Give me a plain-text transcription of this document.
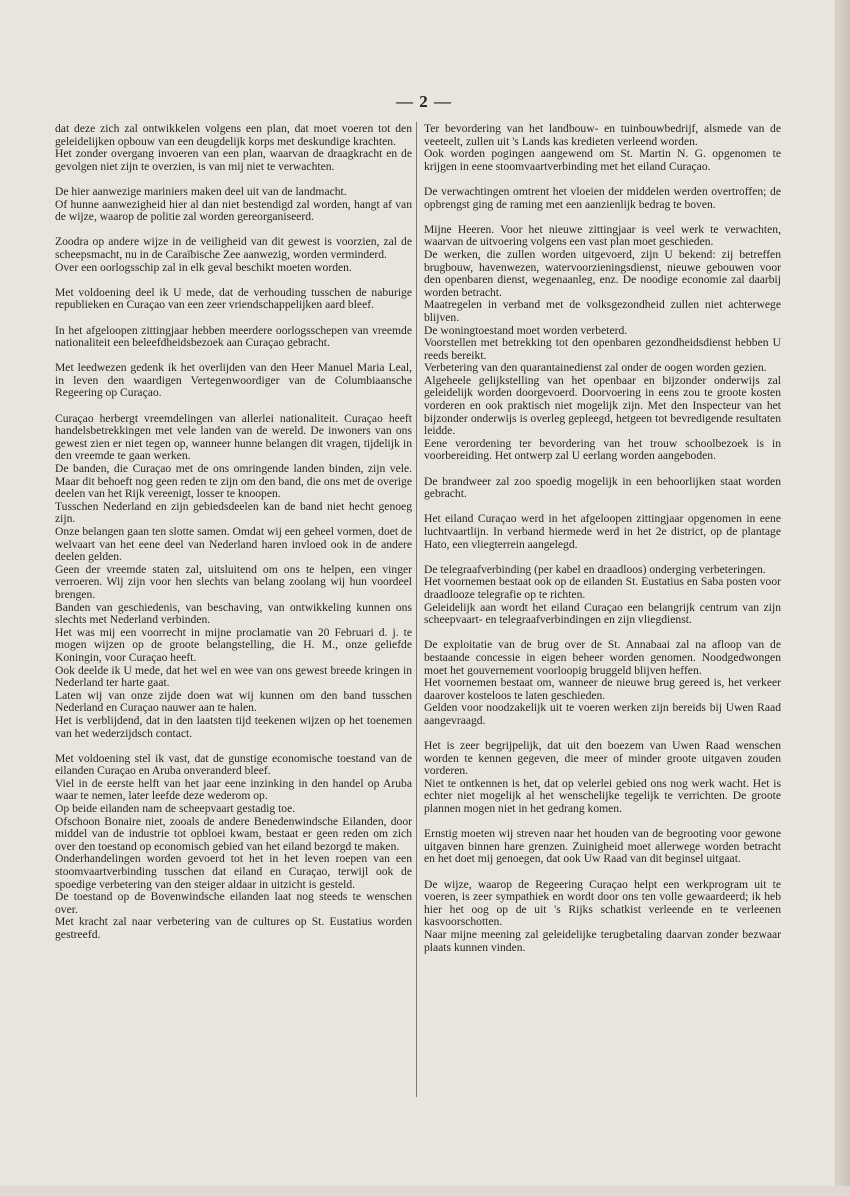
— 2 —

dat deze zich zal ontwikkelen volgens een plan, dat moet voeren tot den geleidelijken opbouw van een deugdelijk korps met deskundige krachten.

Het zonder overgang invoeren van een plan, waarvan de draagkracht en de gevolgen niet zijn te overzien, is van mij niet te verwachten.

De hier aanwezige mariniers maken deel uit van de landmacht.

Of hunne aanwezigheid hier al dan niet bestendigd zal worden, hangt af van de wijze, waarop de politie zal worden gereorganiseerd.

Zoodra op andere wijze in de veiligheid van dit gewest is voorzien, zal de scheepsmacht, nu in de Caraïbische Zee aanwezig, worden verminderd.

Over een oorlogsschip zal in elk geval beschikt moeten worden.

Met voldoening deel ik U mede, dat de verhouding tusschen de naburige republieken en Curaçao van een zeer vriendschappelijken aard bleef.

In het afgeloopen zittingjaar hebben meerdere oorlogsschepen van vreemde nationaliteit een beleefdheidsbezoek aan Curaçao gebracht.

Met leedwezen gedenk ik het overlijden van den Heer Manuel Maria Leal, in leven den waardigen Vertegenwoordiger van de Columbiaansche Regeering op Curaçao.

Curaçao herbergt vreemdelingen van allerlei nationaliteit. Curaçao heeft handelsbetrekkingen met vele landen van de wereld. De inwoners van ons gewest zien er niet tegen op, wanneer hunne belangen dit vragen, tijdelijk in den vreemde te gaan werken.

De banden, die Curaçao met de ons omringende landen binden, zijn vele. Maar dit behoeft nog geen reden te zijn om den band, die ons met de overige deelen van het Rijk vereenigt, losser te knoopen.

Tusschen Nederland en zijn gebiedsdeelen kan de band niet hecht genoeg zijn.

Onze belangen gaan ten slotte samen. Omdat wij een geheel vormen, doet de welvaart van het eene deel van Nederland haren invloed ook in de andere deelen gelden.

Geen der vreemde staten zal, uitsluitend om ons te helpen, een vinger verroeren. Wij zijn voor hen slechts van belang zoolang wij hun voordeel brengen.

Banden van geschiedenis, van beschaving, van ontwikkeling kunnen ons slechts met Nederland verbinden.

Het was mij een voorrecht in mijne proclamatie van 20 Februari d. j. te mogen wijzen op de groote belangstelling, die H. M., onze geliefde Koningin, voor Curaçao heeft.

Ook deelde ik U mede, dat het wel en wee van ons gewest breede kringen in Nederland ter harte gaat.

Laten wij van onze zijde doen wat wij kunnen om den band tusschen Nederland en Curaçao nauwer aan te halen.

Het is verblijdend, dat in den laatsten tijd teekenen wijzen op het toenemen van het wederzijdsch contact.

Met voldoening stel ik vast, dat de gunstige economische toestand van de eilanden Curaçao en Aruba onveranderd bleef.

Viel in de eerste helft van het jaar eene inzinking in den handel op Aruba waar te nemen, later leefde deze wederom op.

Op beide eilanden nam de scheepvaart gestadig toe.

Ofschoon Bonaire niet, zooals de andere Benedenwindsche Eilanden, door middel van de industrie tot opbloei kwam, bestaat er geen reden om zich over den toestand op economisch gebied van het eiland bezorgd te maken.

Onderhandelingen worden gevoerd tot het in het leven roepen van een stoomvaartverbinding tusschen dat eiland en Curaçao, terwijl ook de spoedige verbetering van den steiger aldaar in uitzicht is gesteld.

De toestand op de Bovenwindsche eilanden laat nog steeds te wenschen over.

Met kracht zal naar verbetering van de cultures op St. Eustatius worden gestreefd.

Ter bevordering van het landbouw- en tuinbouwbedrijf, alsmede van de veeteelt, zullen uit 's Lands kas kredieten verleend worden.

Ook worden pogingen aangewend om St. Martin N. G. opgenomen te krijgen in eene stoomvaartverbinding met het eiland Curaçao.

De verwachtingen omtrent het vloeien der middelen werden overtroffen; de opbrengst ging de raming met een aanzienlijk bedrag te boven.

Mijne Heeren. Voor het nieuwe zittingjaar is veel werk te verwachten, waarvan de uitvoering volgens een vast plan moet geschieden.

De werken, die zullen worden uitgevoerd, zijn U bekend: zij betreffen brugbouw, havenwezen, watervoorzieningsdienst, nieuwe gebouwen voor den openbaren dienst, wegenaanleg, enz. De noodige economie zal daarbij worden betracht.

Maatregelen in verband met de volksgezondheid zullen niet achterwege blijven.

De woningtoestand moet worden verbeterd.

Voorstellen met betrekking tot den openbaren gezondheidsdienst hebben U reeds bereikt.

Verbetering van den quarantainedienst zal onder de oogen worden gezien.

Algeheele gelijkstelling van het openbaar en bijzonder onderwijs zal geleidelijk worden doorgevoerd. Doorvoering in eens zou te groote kosten vorderen en ook praktisch niet mogelijk zijn. Met den Inspecteur van het bijzonder onderwijs is overleg gepleegd, hetgeen tot bevredigende resultaten leidde.

Eene verordening ter bevordering van het trouw schoolbezoek is in voorbereiding. Het ontwerp zal U eerlang worden aangeboden.

De brandweer zal zoo spoedig mogelijk in een behoorlijken staat worden gebracht.

Het eiland Curaçao werd in het afgeloopen zittingjaar opgenomen in eene luchtvaartlijn. In verband hiermede werd in het 2e district, op de plantage Hato, een vliegterrein aangelegd.

De telegraafverbinding (per kabel en draadloos) onderging verbeteringen.

Het voornemen bestaat ook op de eilanden St. Eustatius en Saba posten voor draadlooze telegrafie op te richten.

Geleidelijk aan wordt het eiland Curaçao een belangrijk centrum van zijn scheepvaart- en telegraafverbindingen en zijn vliegdienst.

De exploitatie van de brug over de St. Annabaai zal na afloop van de bestaande concessie in eigen beheer worden genomen. Noodgedwongen moet het gouvernement voorloopig bruggeld blijven heffen.

Het voornemen bestaat om, wanneer de nieuwe brug gereed is, het verkeer daarover kosteloos te laten geschieden.

Gelden voor noodzakelijk uit te voeren werken zijn bereids bij Uwen Raad aangevraagd.

Het is zeer begrijpelijk, dat uit den boezem van Uwen Raad wenschen worden te kennen gegeven, die meer of minder groote uitgaven zouden vorderen.

Niet te ontkennen is het, dat op velerlei gebied ons nog werk wacht. Het is echter niet mogelijk al het wenschelijke tegelijk te verrichten. De groote plannen mogen niet in het gedrang komen.

Ernstig moeten wij streven naar het houden van de begrooting voor gewone uitgaven binnen hare grenzen. Zuinigheid moet allerwege worden betracht en het doet mij genoegen, dat ook Uw Raad van dit beginsel uitgaat.

De wijze, waarop de Regeering Curaçao helpt een werkprogram uit te voeren, is zeer sympathiek en wordt door ons ten volle gewaardeerd; ik heb hier het oog op de uit 's Rijks schatkist verleende en te verleenen kasvoorschotten.

Naar mijne meening zal geleidelijke terugbetaling daarvan zonder bezwaar plaats kunnen vinden.
